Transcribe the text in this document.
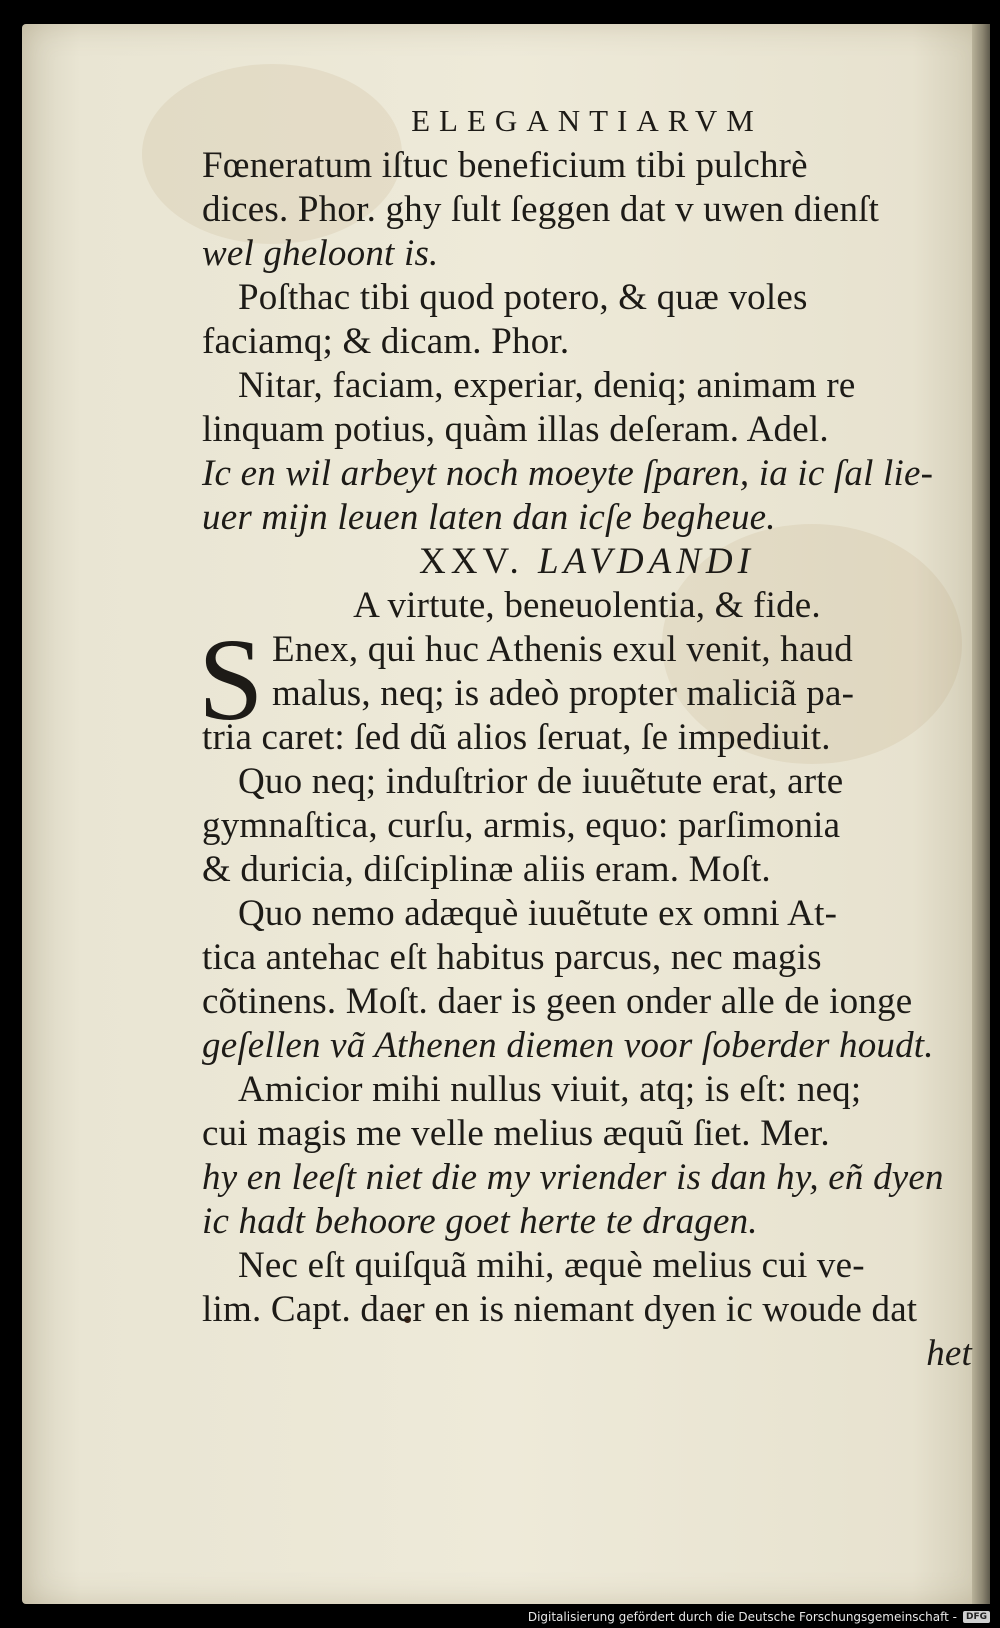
ELEGANTIARVM
Fœneratum iſtuc beneficium tibi pulchrè
dices. Phor. ghy ſult ſeggen dat v uwen dienſt
wel gheloont is.
Poſthac tibi quod potero, & quæ voles
faciamq; & dicam. Phor.
Nitar, faciam, experiar, deniq; animam re
linquam potius, quàm illas deſeram. Adel.
Ic en wil arbeyt noch moeyte ſparen, ia ic ſal lie-
uer mijn leuen laten dan icſe begheue.
XXV. LAVDANDI
A virtute, beneuolentia, & fide.
S Enex, qui huc Athenis exul venit, haud
malus, neq; is adeò propter maliciã pa-
tria caret: ſed dũ alios ſeruat, ſe impediuit.
Quo neq; induſtrior de iuuẽtute erat, arte
gymnaſtica, curſu, armis, equo: parſimonia
& duricia, diſciplinæ aliis eram. Moſt.
Quo nemo adæquè iuuẽtute ex omni At-
tica antehac eſt habitus parcus, nec magis
cõtinens. Moſt. daer is geen onder alle de ionge
geſellen vã Athenen diemen voor ſoberder houdt.
Amicior mihi nullus viuit, atq; is eſt: neq;
cui magis me velle melius æquũ ſiet. Mer.
hy en leeſt niet die my vriender is dan hy, eñ dyen
ic hadt behoore goet herte te dragen.
Nec eſt quiſquã mihi, æquè melius cui ve-
lim. Capt. daer en is niemant dyen ic woude dat
het
Digitalisierung gefördert durch die Deutsche Forschungsgemeinschaft -	DFG
